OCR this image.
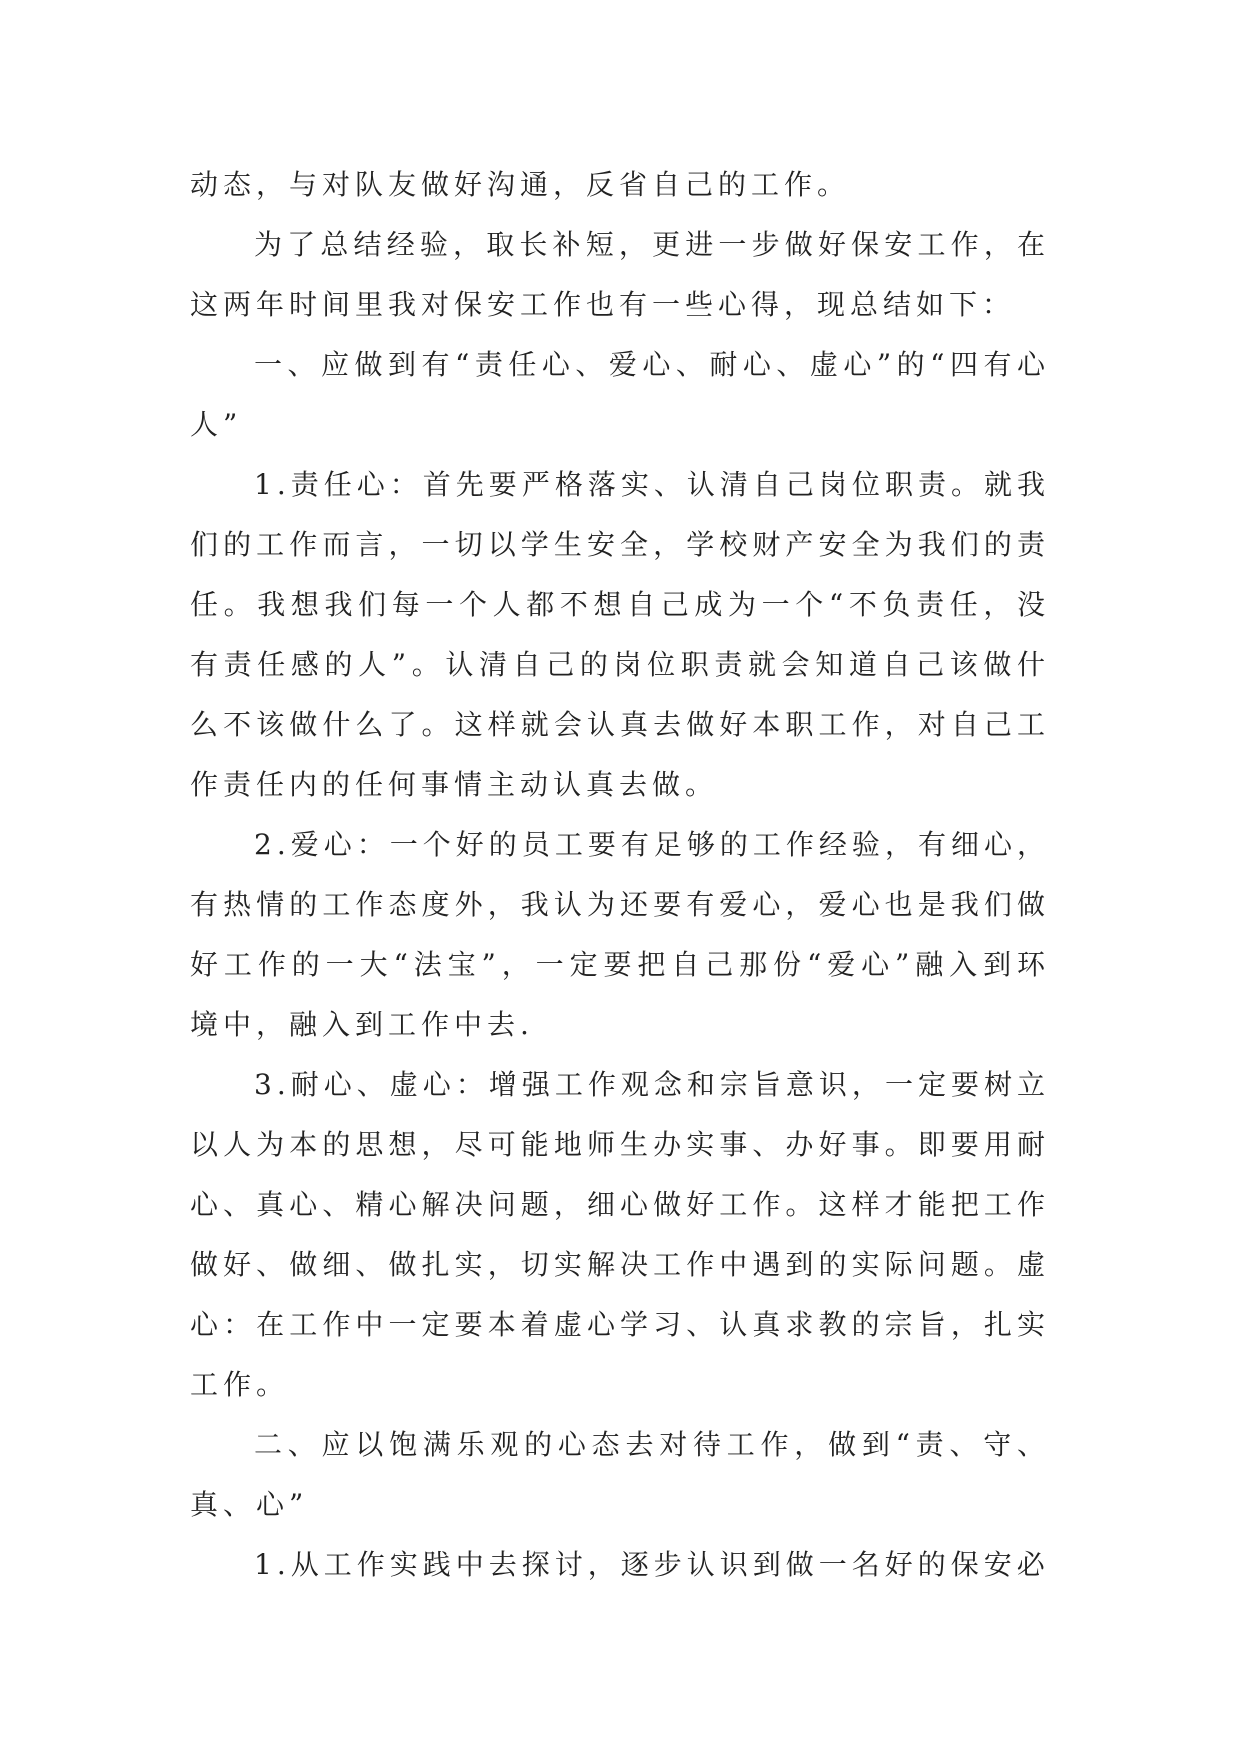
动态，与对队友做好沟通，反省自己的工作。

为了总结经验，取长补短，更进一步做好保安工作，在这两年时间里我对保安工作也有一些心得，现总结如下：

一、应做到有“责任心、爱心、耐心、虚心”的“四有心人”

1.责任心：首先要严格落实、认清自己岗位职责。就我们的工作而言，一切以学生安全，学校财产安全为我们的责任。我想我们每一个人都不想自己成为一个“不负责任，没有责任感的人”。认清自己的岗位职责就会知道自己该做什么不该做什么了。这样就会认真去做好本职工作，对自己工作责任内的任何事情主动认真去做。

2.爱心：一个好的员工要有足够的工作经验，有细心，有热情的工作态度外，我认为还要有爱心，爱心也是我们做好工作的一大“法宝”，一定要把自己那份“爱心”融入到环境中，融入到工作中去.

3.耐心、虚心：增强工作观念和宗旨意识，一定要树立以人为本的思想，尽可能地师生办实事、办好事。即要用耐心、真心、精心解决问题，细心做好工作。这样才能把工作做好、做细、做扎实，切实解决工作中遇到的实际问题。虚心：在工作中一定要本着虚心学习、认真求教的宗旨，扎实工作。

二、应以饱满乐观的心态去对待工作，做到“责、守、真、心”

1.从工作实践中去探讨，逐步认识到做一名好的保安必
